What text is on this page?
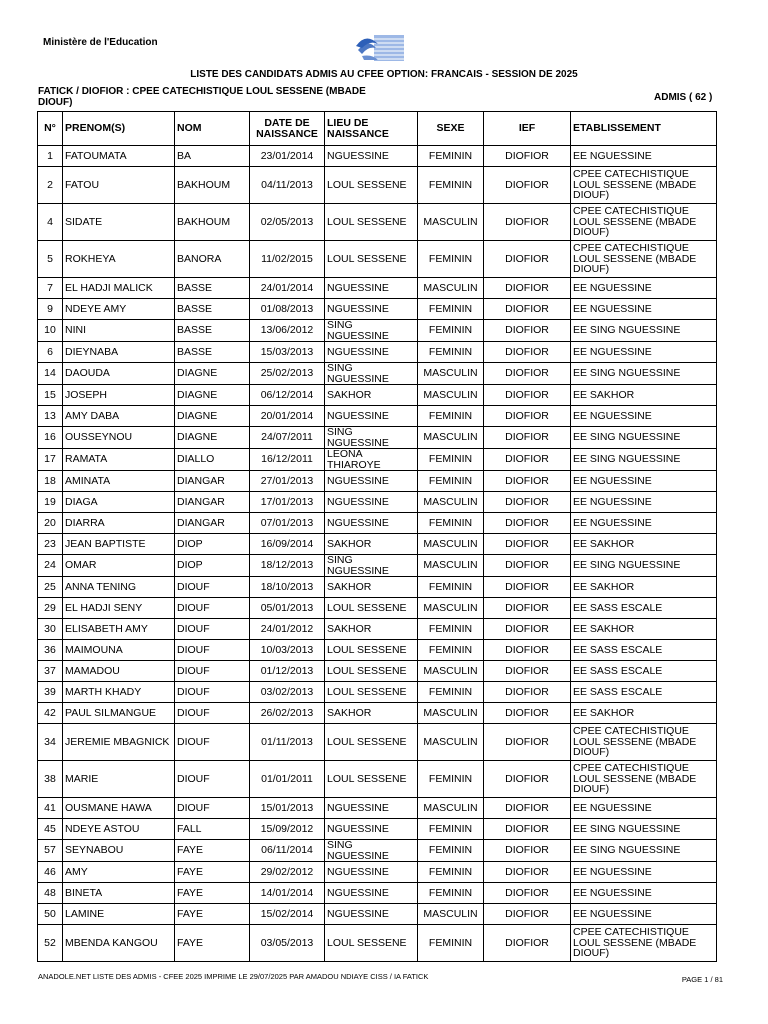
Ministère de l'Education
LISTE DES CANDIDATS ADMIS AU CFEE OPTION: FRANCAIS - SESSION DE 2025
FATICK / DIOFIOR : CPEE CATECHISTIQUE LOUL SESSENE (MBADE DIOUF)	ADMIS ( 62 )
N°	PRENOM(S)	NOM	DATE DE NAISSANCE	LIEU DE NAISSANCE	SEXE	IEF	ETABLISSEMENT
1	FATOUMATA	BA	23/01/2014	NGUESSINE	FEMININ	DIOFIOR	EE NGUESSINE
2	FATOU	BAKHOUM	04/11/2013	LOUL SESSENE	FEMININ	DIOFIOR	CPEE CATECHISTIQUE LOUL SESSENE (MBADE DIOUF)
4	SIDATE	BAKHOUM	02/05/2013	LOUL SESSENE	MASCULIN	DIOFIOR	CPEE CATECHISTIQUE LOUL SESSENE (MBADE DIOUF)
5	ROKHEYA	BANORA	11/02/2015	LOUL SESSENE	FEMININ	DIOFIOR	CPEE CATECHISTIQUE LOUL SESSENE (MBADE DIOUF)
7	EL HADJI MALICK	BASSE	24/01/2014	NGUESSINE	MASCULIN	DIOFIOR	EE NGUESSINE
9	NDEYE AMY	BASSE	01/08/2013	NGUESSINE	FEMININ	DIOFIOR	EE NGUESSINE
10	NINI	BASSE	13/06/2012	SING NGUESSINE	FEMININ	DIOFIOR	EE SING NGUESSINE
6	DIEYNABA	BASSE	15/03/2013	NGUESSINE	FEMININ	DIOFIOR	EE NGUESSINE
14	DAOUDA	DIAGNE	25/02/2013	SING NGUESSINE	MASCULIN	DIOFIOR	EE SING NGUESSINE
15	JOSEPH	DIAGNE	06/12/2014	SAKHOR	MASCULIN	DIOFIOR	EE SAKHOR
13	AMY DABA	DIAGNE	20/01/2014	NGUESSINE	FEMININ	DIOFIOR	EE NGUESSINE
16	OUSSEYNOU	DIAGNE	24/07/2011	SING NGUESSINE	MASCULIN	DIOFIOR	EE SING NGUESSINE
17	RAMATA	DIALLO	16/12/2011	LEONA THIAROYE	FEMININ	DIOFIOR	EE SING NGUESSINE
18	AMINATA	DIANGAR	27/01/2013	NGUESSINE	FEMININ	DIOFIOR	EE NGUESSINE
19	DIAGA	DIANGAR	17/01/2013	NGUESSINE	MASCULIN	DIOFIOR	EE NGUESSINE
20	DIARRA	DIANGAR	07/01/2013	NGUESSINE	FEMININ	DIOFIOR	EE NGUESSINE
23	JEAN BAPTISTE	DIOP	16/09/2014	SAKHOR	MASCULIN	DIOFIOR	EE SAKHOR
24	OMAR	DIOP	18/12/2013	SING NGUESSINE	MASCULIN	DIOFIOR	EE SING NGUESSINE
25	ANNA TENING	DIOUF	18/10/2013	SAKHOR	FEMININ	DIOFIOR	EE SAKHOR
29	EL HADJI SENY	DIOUF	05/01/2013	LOUL SESSENE	MASCULIN	DIOFIOR	EE SASS ESCALE
30	ELISABETH AMY	DIOUF	24/01/2012	SAKHOR	FEMININ	DIOFIOR	EE SAKHOR
36	MAIMOUNA	DIOUF	10/03/2013	LOUL SESSENE	FEMININ	DIOFIOR	EE SASS ESCALE
37	MAMADOU	DIOUF	01/12/2013	LOUL SESSENE	MASCULIN	DIOFIOR	EE SASS ESCALE
39	MARTH KHADY	DIOUF	03/02/2013	LOUL SESSENE	FEMININ	DIOFIOR	EE SASS ESCALE
42	PAUL SILMANGUE	DIOUF	26/02/2013	SAKHOR	MASCULIN	DIOFIOR	EE SAKHOR
34	JEREMIE MBAGNICK	DIOUF	01/11/2013	LOUL SESSENE	MASCULIN	DIOFIOR	CPEE CATECHISTIQUE LOUL SESSENE (MBADE DIOUF)
38	MARIE	DIOUF	01/01/2011	LOUL SESSENE	FEMININ	DIOFIOR	CPEE CATECHISTIQUE LOUL SESSENE (MBADE DIOUF)
41	OUSMANE HAWA	DIOUF	15/01/2013	NGUESSINE	MASCULIN	DIOFIOR	EE NGUESSINE
45	NDEYE ASTOU	FALL	15/09/2012	NGUESSINE	FEMININ	DIOFIOR	EE SING NGUESSINE
57	SEYNABOU	FAYE	06/11/2014	SING NGUESSINE	FEMININ	DIOFIOR	EE SING NGUESSINE
46	AMY	FAYE	29/02/2012	NGUESSINE	FEMININ	DIOFIOR	EE NGUESSINE
48	BINETA	FAYE	14/01/2014	NGUESSINE	FEMININ	DIOFIOR	EE NGUESSINE
50	LAMINE	FAYE	15/02/2014	NGUESSINE	MASCULIN	DIOFIOR	EE NGUESSINE
52	MBENDA KANGOU	FAYE	03/05/2013	LOUL SESSENE	FEMININ	DIOFIOR	CPEE CATECHISTIQUE LOUL SESSENE (MBADE DIOUF)
ANADOLE.NET LISTE DES ADMIS - CFEE 2025 IMPRIME LE 29/07/2025 PAR AMADOU NDIAYE CISS / IA FATICK	PAGE 1 / 81
